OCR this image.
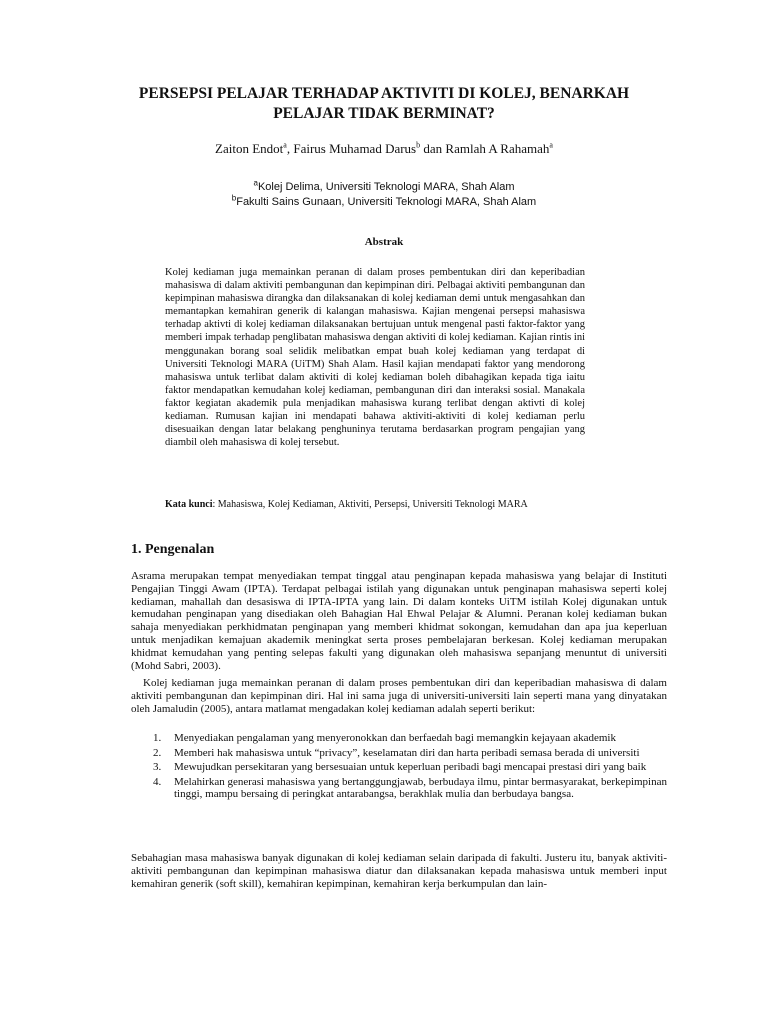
PERSEPSI PELAJAR TERHADAP AKTIVITI DI KOLEJ, BENARKAH PELAJAR TIDAK BERMINAT?
Zaiton Endot$^a$, Fairus Muhamad Darus$^b$ dan Ramlah A Rahamah$^a$
$^a$Kolej Delima, Universiti Teknologi MARA, Shah Alam
$^b$Fakulti Sains Gunaan, Universiti Teknologi MARA, Shah Alam
Abstrak

Kolej kediaman juga memainkan peranan di dalam proses pembentukan diri dan keperibadian mahasiswa di dalam aktiviti pembangunan dan kepimpinan diri. Pelbagai aktiviti pembangunan dan kepimpinan mahasiswa dirangka dan dilaksanakan di kolej kediaman demi untuk mengasahkan dan memantapkan kemahiran generik di kalangan mahasiswa. Kajian mengenai persepsi mahasiswa terhadap aktivti di kolej kediaman dilaksanakan bertujuan untuk mengenal pasti faktor-faktor yang memberi impak terhadap penglibatan mahasiswa dengan aktiviti di kolej kediaman. Kajian rintis ini menggunakan borang soal selidik melibatkan empat buah kolej kediaman yang terdapat di Universiti Teknologi MARA (UiTM) Shah Alam. Hasil kajian mendapati faktor yang mendorong mahasiswa untuk terlibat dalam aktiviti di kolej kediaman boleh dibahagikan kepada tiga iaitu faktor mendapatkan kemudahan kolej kediaman, pembangunan diri dan interaksi sosial. Manakala faktor kegiatan akademik pula menjadikan mahasiswa kurang terlibat dengan aktivti di kolej kediaman. Rumusan kajian ini mendapati bahawa aktiviti-aktiviti di kolej kediaman perlu disesuaikan dengan latar belakang penghuninya terutama berdasarkan program pengajian yang diambil oleh mahasiswa di kolej tersebut.

Kata kunci: Mahasiswa, Kolej Kediaman, Aktiviti, Persepsi, Universiti Teknologi MARA

1. Pengenalan

Asrama merupakan tempat menyediakan tempat tinggal atau penginapan kepada mahasiswa yang belajar di Instituti Pengajian Tinggi Awam (IPTA). Terdapat pelbagai istilah yang digunakan untuk penginapan mahasiswa seperti kolej kediaman, mahallah dan desasiswa di IPTA-IPTA yang lain. Di dalam konteks UiTM istilah Kolej digunakan untuk kemudahan penginapan yang disediakan oleh Bahagian Hal Ehwal Pelajar & Alumni. Peranan kolej kediaman bukan sahaja menyediakan perkhidmatan penginapan yang memberi khidmat sokongan, kemudahan dan apa jua keperluan untuk menjadikan kemajuan akademik meningkat serta proses pembelajaran berkesan. Kolej kediaman merupakan khidmat kemudahan yang penting selepas fakulti yang digunakan oleh mahasiswa sepanjang menuntut di universiti (Mohd Sabri, 2003).

Kolej kediaman juga memainkan peranan di dalam proses pembentukan diri dan keperibadian mahasiswa di dalam aktiviti pembangunan dan kepimpinan diri. Hal ini sama juga di universiti-universiti lain seperti mana yang dinyatakan oleh Jamaludin (2005), antara matlamat mengadakan kolej kediaman adalah seperti berikut:

1.	Menyediakan pengalaman yang menyeronokkan dan berfaedah bagi memangkin kejayaan akademik
2.	Memberi hak mahasiswa untuk “privacy”, keselamatan diri dan harta peribadi semasa berada di universiti
3.	Mewujudkan persekitaran yang bersesuaian untuk keperluan peribadi bagi mencapai prestasi diri yang baik
4.	Melahirkan generasi mahasiswa yang bertanggungjawab, berbudaya ilmu, pintar bermasyarakat, berkepimpinan tinggi, mampu bersaing di peringkat antarabangsa, berakhlak mulia dan berbudaya bangsa.

Sebahagian masa mahasiswa banyak digunakan di kolej kediaman selain daripada di fakulti. Justeru itu, banyak aktiviti-aktiviti pembangunan dan kepimpinan mahasiswa diatur dan dilaksanakan kepada mahasiswa untuk memberi input kemahiran generik (soft skill), kemahiran kepimpinan, kemahiran kerja berkumpulan dan lain-
